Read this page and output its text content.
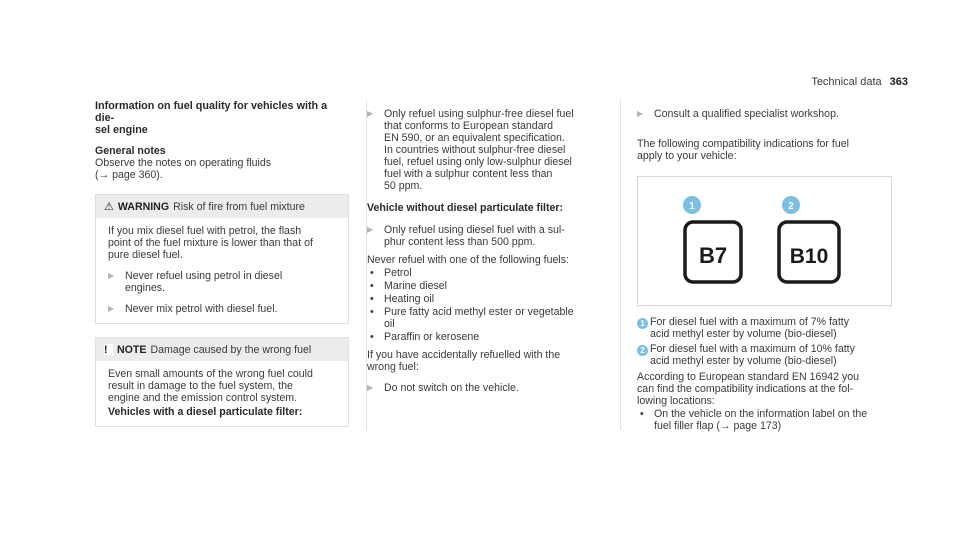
Technical data 363
Information on fuel quality for vehicles with a die-
sel engine

General notes

Observe the notes on operating fluids

(→ page 360).

⚠ WARNING Risk of fire from fuel mixture

If you mix diesel fuel with petrol, the flash

point of the fuel mixture is lower than that of

pure diesel fuel.

▶	Never refuel using petrol in diesel

engines.

▶	Never mix petrol with diesel fuel.

! NOTE Damage caused by the wrong fuel

Even small amounts of the wrong fuel could

result in damage to the fuel system, the

engine and the emission control system.

Vehicles with a diesel particulate filter:

▶	Only refuel using sulphur-free diesel fuel

that conforms to European standard

EN 590, or an equivalent specification.

In countries without sulphur-free diesel

fuel, refuel using only low-sulphur diesel

fuel with a sulphur content less than

50 ppm.

Vehicle without diesel particulate filter:

▶	Only refuel using diesel fuel with a sul-

phur content less than 500 ppm.

Never refuel with one of the following fuels:

• Petrol
• Marine diesel
• Heating oil
• Pure fatty acid methyl ester or vegetable
oil
• Paraffin or kerosene

If you have accidentally refuelled with the

wrong fuel:

▶	Do not switch on the vehicle.

▶	Consult a qualified specialist workshop.

The following compatibility indications for fuel

apply to your vehicle:

1	2
B7	B10
1 For diesel fuel with a maximum of 7% fatty

acid methyl ester by volume (bio-diesel)

2 For diesel fuel with a maximum of 10% fatty

acid methyl ester by volume (bio-diesel)

According to European standard EN 16942 you

can find the compatibility indications at the fol-

lowing locations:

• On the vehicle on the information label on the

fuel filler flap (→ page 173)
